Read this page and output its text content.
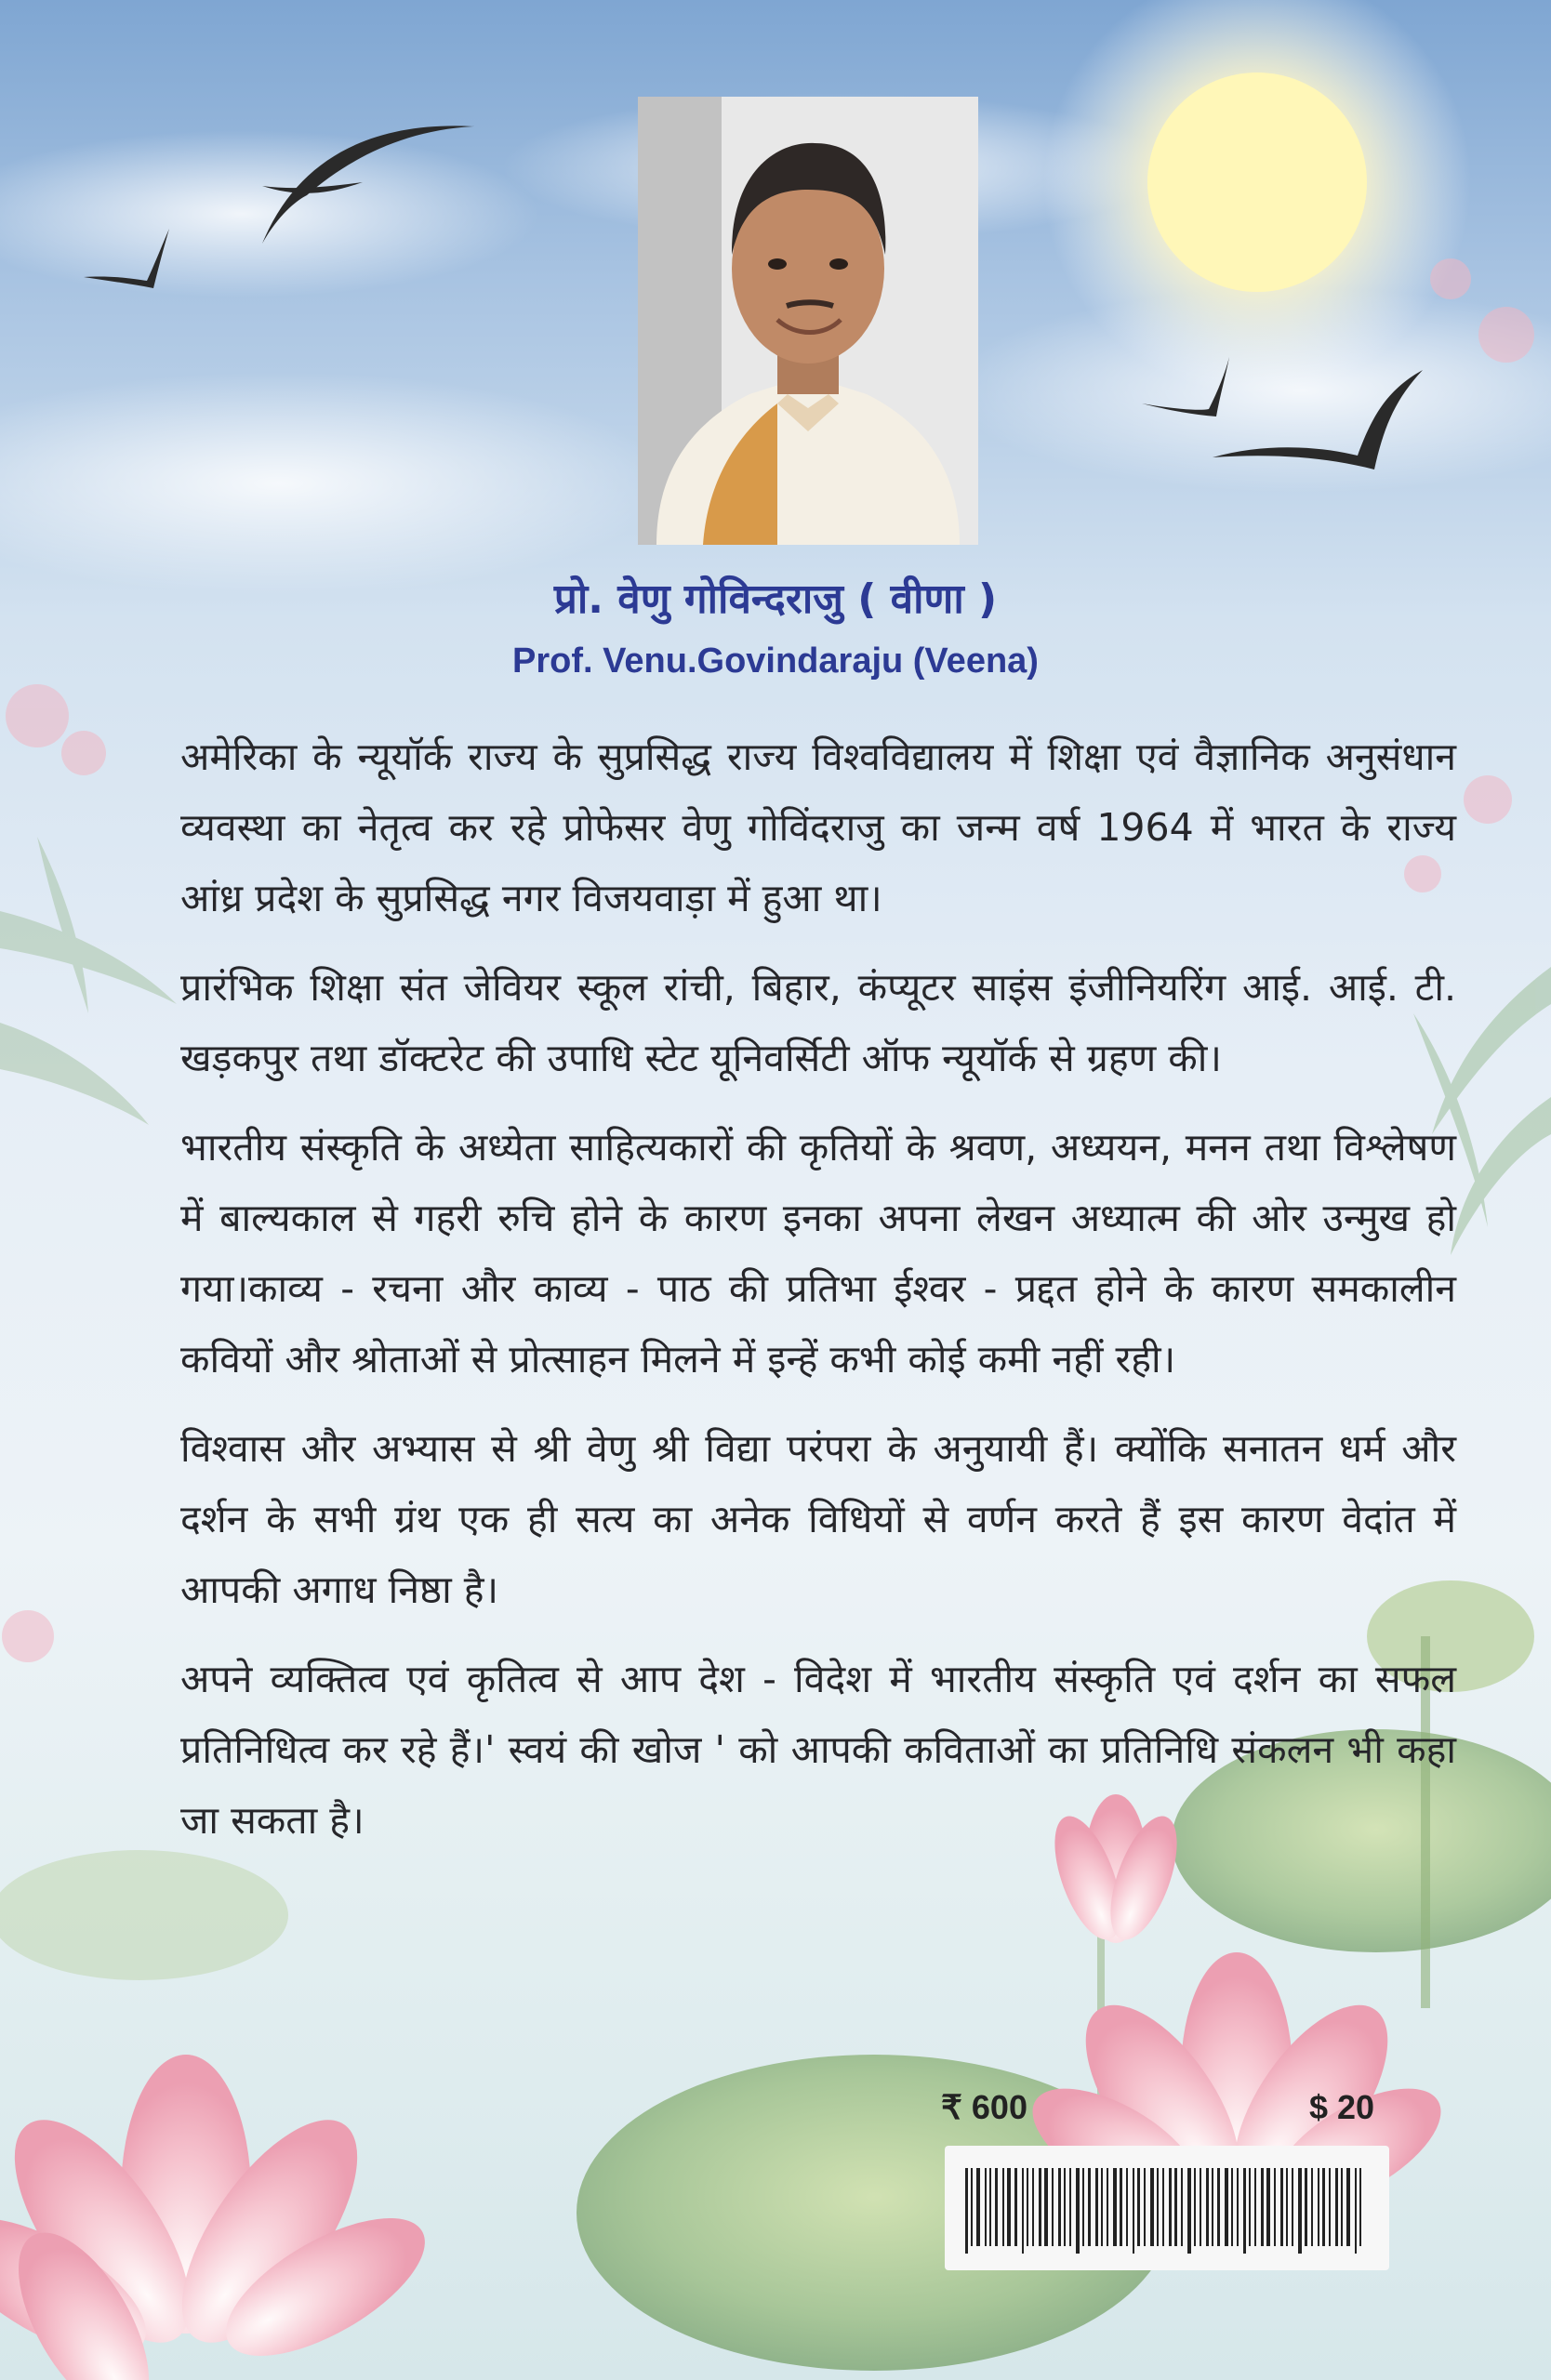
प्रो. वेणु गोविन्दराजु ( वीणा )
Prof. Venu.Govindaraju (Veena)

अमेरिका के न्यूयॉर्क राज्य के सुप्रसिद्ध राज्य विश्वविद्यालय में शिक्षा एवं वैज्ञानिक अनुसंधान व्यवस्था का नेतृत्व कर रहे प्रोफेसर वेणु गोविंदराजु का जन्म वर्ष 1964 में भारत के राज्य आंध्र प्रदेश के सुप्रसिद्ध नगर विजयवाड़ा में हुआ था।

प्रारंभिक शिक्षा संत जेवियर स्कूल रांची, बिहार, कंप्यूटर साइंस इंजीनियरिंग आई. आई. टी. खड़कपुर तथा डॉक्टरेट की उपाधि स्टेट यूनिवर्सिटी ऑफ न्यूयॉर्क से ग्रहण की।

भारतीय संस्कृति के अध्येता साहित्यकारों की कृतियों के श्रवण, अध्ययन, मनन तथा विश्लेषण में बाल्यकाल से गहरी रुचि होने के कारण इनका अपना लेखन अध्यात्म की ओर उन्मुख हो गया।काव्य - रचना और काव्य - पाठ की प्रतिभा ईश्वर - प्रद्दत होने के कारण समकालीन कवियों और श्रोताओं से प्रोत्साहन मिलने में इन्हें कभी कोई कमी नहीं रही।

विश्वास और अभ्यास से श्री वेणु श्री विद्या परंपरा के अनुयायी हैं। क्योंकि सनातन धर्म और दर्शन के सभी ग्रंथ एक ही सत्य का अनेक विधियों से वर्णन करते हैं इस कारण वेदांत में आपकी अगाध निष्ठा है।

अपने व्यक्तित्व एवं कृतित्व से आप देश - विदेश में भारतीय संस्कृति एवं दर्शन का सफल प्रतिनिधित्व कर रहे हैं।' स्वयं की खोज ' को आपकी कविताओं का प्रतिनिधि संकलन भी कहा जा सकता है।

₹ 600	$ 20
